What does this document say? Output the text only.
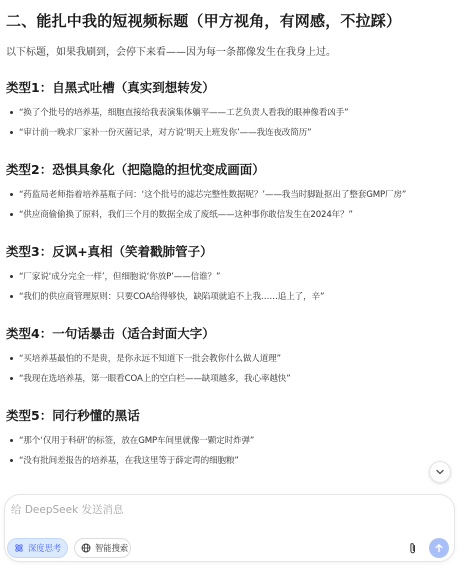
二、能扎中我的短视频标题（甲方视角，有网感，不拉踩）
以下标题，如果我刷到，会停下来看——因为每一条都像发生在我身上过。
类型1：自黑式吐槽（真实到想转发）
“换了个批号的培养基，细胞直接给我表演集体躺平——工艺负责人看我的眼神像看凶手”
“审计前一晚求厂家补一份灭菌记录，对方说‘明天上班发你’——我连夜改简历”
类型2：恐惧具象化（把隐隐的担忧变成画面）
“药监局老师指着培养基瓶子问：‘这个批号的滤芯完整性数据呢？’——我当时脚趾抠出了整套GMP厂房”
“供应商偷偷换了原料，我们三个月的数据全成了废纸——这种事你敢信发生在2024年？”
类型3：反讽+真相（笑着戳肺管子）
“厂家说‘成分完全一样’，但细胞说‘你放P’——信谁？”
“我们的供应商管理原则：只要COA给得够快，缺陷项就追不上我……追上了，辛”
类型4：一句话暴击（适合封面大字）
“买培养基最怕的不是贵，是你永远不知道下一批会教你什么做人道理”
“我现在选培养基，第一眼看COA上的空白栏——缺项越多，我心率越快”
类型5：同行秒懂的黑话
“那个‘仅用于科研’的标签，放在GMP车间里就像一颗定时炸弹”
“没有批间差报告的培养基，在我这里等于薛定谔的细胞粮”
给 DeepSeek 发送消息
深度思考	智能搜索
